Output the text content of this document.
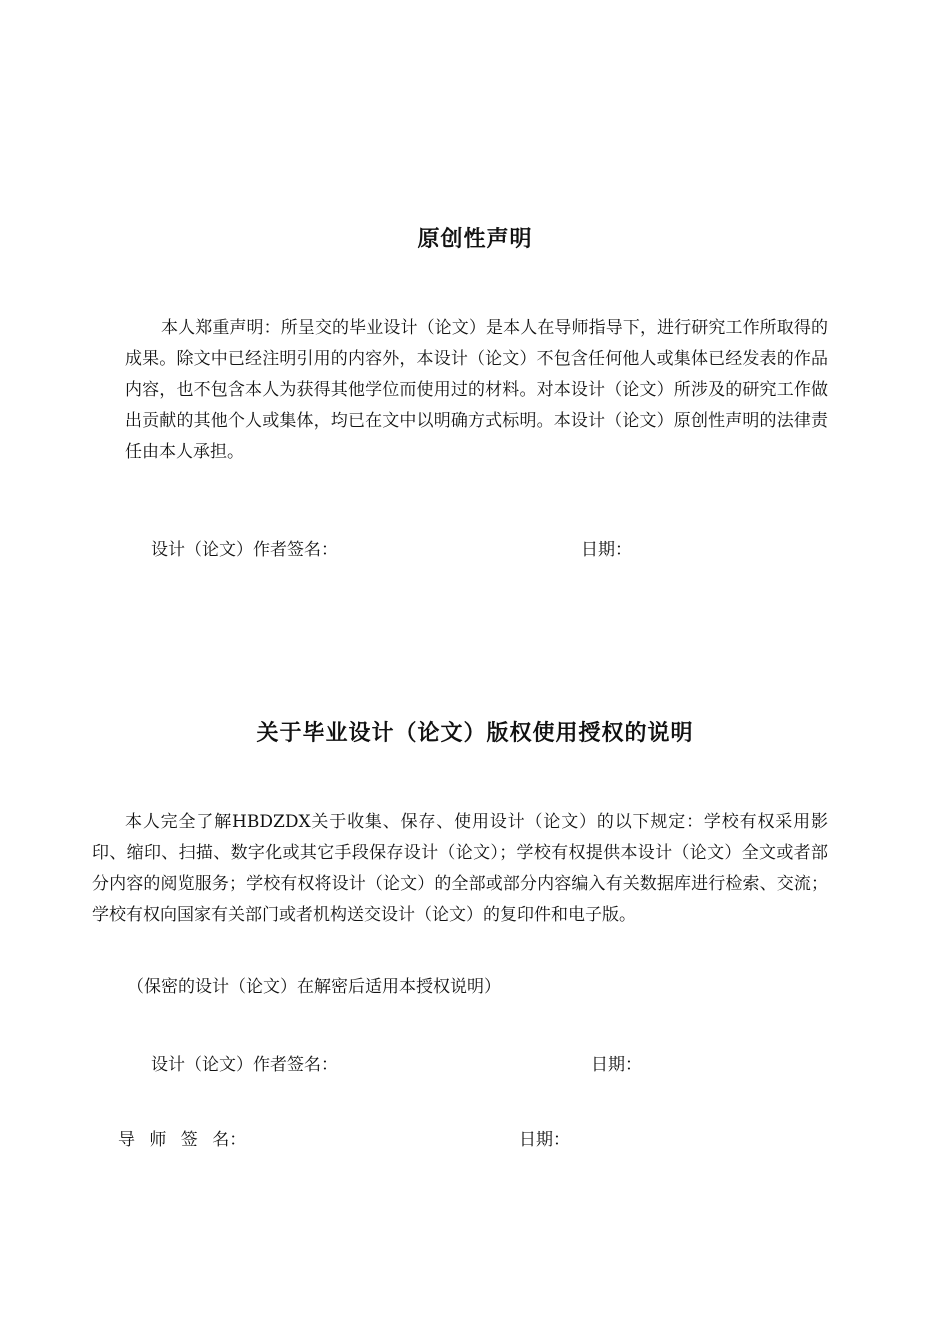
原创性声明

本人郑重声明：所呈交的毕业设计（论文）是本人在导师指导下，进行研究工作所取得的成果。除文中已经注明引用的内容外，本设计（论文）不包含任何他人或集体已经发表的作品内容，也不包含本人为获得其他学位而使用过的材料。对本设计（论文）所涉及的研究工作做出贡献的其他个人或集体，均已在文中以明确方式标明。本设计（论文）原创性声明的法律责任由本人承担。

设计（论文）作者签名：	日期：
关于毕业设计（论文）版权使用授权的说明

本人完全了解HBDZDX关于收集、保存、使用设计（论文）的以下规定：学校有权采用影印、缩印、扫描、数字化或其它手段保存设计（论文）；学校有权提供本设计（论文）全文或者部分内容的阅览服务；学校有权将设计（论文）的全部或部分内容编入有关数据库进行检索、交流；学校有权向国家有关部门或者机构送交设计（论文）的复印件和电子版。

（保密的设计（论文）在解密后适用本授权说明）
设计（论文）作者签名：	日期：
导 师 签 名：	日期：
